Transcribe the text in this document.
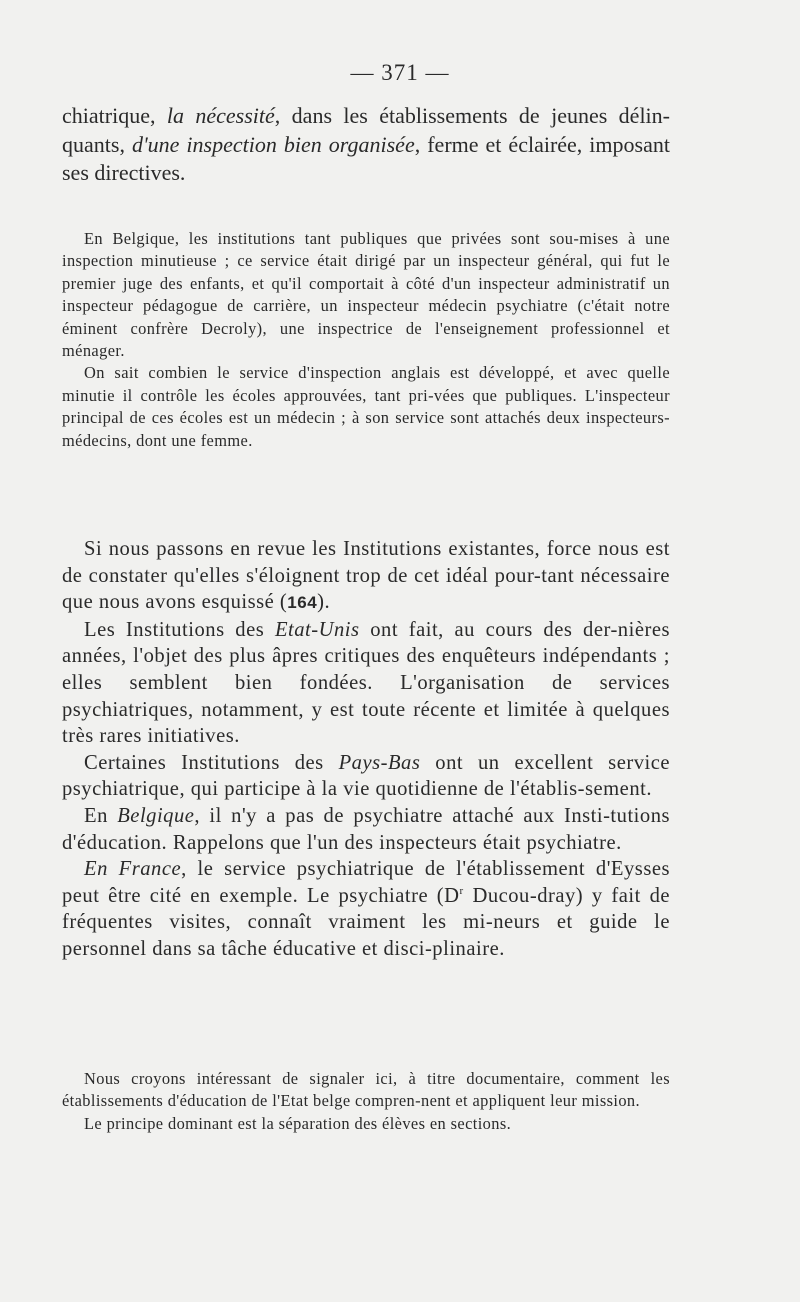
— 371 —

chiatrique, la nécessité, dans les établissements de jeunes délin-quants, d'une inspection bien organisée, ferme et éclairée, imposant ses directives.

En Belgique, les institutions tant publiques que privées sont sou-mises à une inspection minutieuse ; ce service était dirigé par un inspecteur général, qui fut le premier juge des enfants, et qu'il comportait à côté d'un inspecteur administratif un inspecteur pédagogue de carrière, un inspecteur médecin psychiatre (c'était notre éminent confrère Decroly), une inspectrice de l'enseignement professionnel et ménager.

On sait combien le service d'inspection anglais est développé, et avec quelle minutie il contrôle les écoles approuvées, tant pri-vées que publiques. L'inspecteur principal de ces écoles est un médecin ; à son service sont attachés deux inspecteurs-médecins, dont une femme.

Si nous passons en revue les Institutions existantes, force nous est de constater qu'elles s'éloignent trop de cet idéal pour-tant nécessaire que nous avons esquissé (164).

Les Institutions des Etat-Unis ont fait, au cours des der-nières années, l'objet des plus âpres critiques des enquêteurs indépendants ; elles semblent bien fondées. L'organisation de services psychiatriques, notamment, y est toute récente et limitée à quelques très rares initiatives.

Certaines Institutions des Pays-Bas ont un excellent service psychiatrique, qui participe à la vie quotidienne de l'établis-sement.

En Belgique, il n'y a pas de psychiatre attaché aux Insti-tutions d'éducation. Rappelons que l'un des inspecteurs était psychiatre.

En France, le service psychiatrique de l'établissement d'Eysses peut être cité en exemple. Le psychiatre ($D^r$ Ducou-dray) y fait de fréquentes visites, connaît vraiment les mi-neurs et guide le personnel dans sa tâche éducative et disci-plinaire.

Nous croyons intéressant de signaler ici, à titre documentaire, comment les établissements d'éducation de l'Etat belge compren-nent et appliquent leur mission.

Le principe dominant est la séparation des élèves en sections.
